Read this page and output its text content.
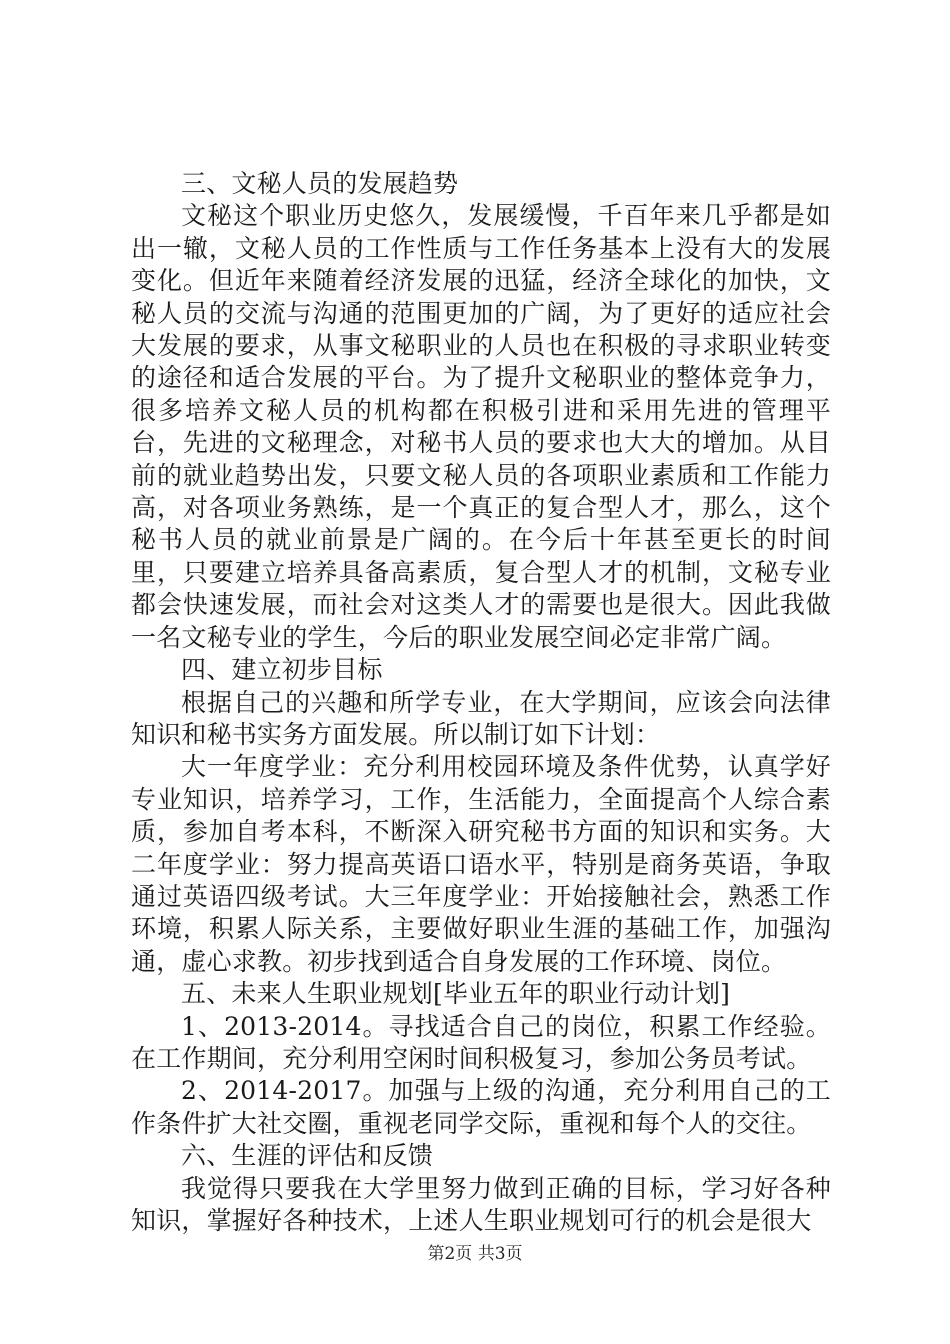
三、文秘人员的发展趋势

文秘这个职业历史悠久，发展缓慢，千百年来几乎都是如出一辙，文秘人员的工作性质与工作任务基本上没有大的发展变化。但近年来随着经济发展的迅猛，经济全球化的加快，文秘人员的交流与沟通的范围更加的广阔，为了更好的适应社会大发展的要求，从事文秘职业的人员也在积极的寻求职业转变的途径和适合发展的平台。为了提升文秘职业的整体竞争力，很多培养文秘人员的机构都在积极引进和采用先进的管理平台，先进的文秘理念，对秘书人员的要求也大大的增加。从目前的就业趋势出发，只要文秘人员的各项职业素质和工作能力高，对各项业务熟练，是一个真正的复合型人才，那么，这个秘书人员的就业前景是广阔的。在今后十年甚至更长的时间里，只要建立培养具备高素质，复合型人才的机制，文秘专业都会快速发展，而社会对这类人才的需要也是很大。因此我做一名文秘专业的学生，今后的职业发展空间必定非常广阔。

四、建立初步目标

根据自己的兴趣和所学专业，在大学期间，应该会向法律知识和秘书实务方面发展。所以制订如下计划：

大一年度学业：充分利用校园环境及条件优势，认真学好专业知识，培养学习，工作，生活能力，全面提高个人综合素质，参加自考本科，不断深入研究秘书方面的知识和实务。大二年度学业：努力提高英语口语水平，特别是商务英语，争取通过英语四级考试。大三年度学业：开始接触社会，熟悉工作环境，积累人际关系，主要做好职业生涯的基础工作，加强沟通，虚心求教。初步找到适合自身发展的工作环境、岗位。

五、未来人生职业规划[毕业五年的职业行动计划]

1、2013-2014。寻找适合自己的岗位，积累工作经验。在工作期间，充分利用空闲时间积极复习，参加公务员考试。

2、2014-2017。加强与上级的沟通，充分利用自己的工作条件扩大社交圈，重视老同学交际，重视和每个人的交往。

六、生涯的评估和反馈

我觉得只要我在大学里努力做到正确的目标，学习好各种知识，掌握好各种技术，上述人生职业规划可行的机会是很大

第2页 共3页
